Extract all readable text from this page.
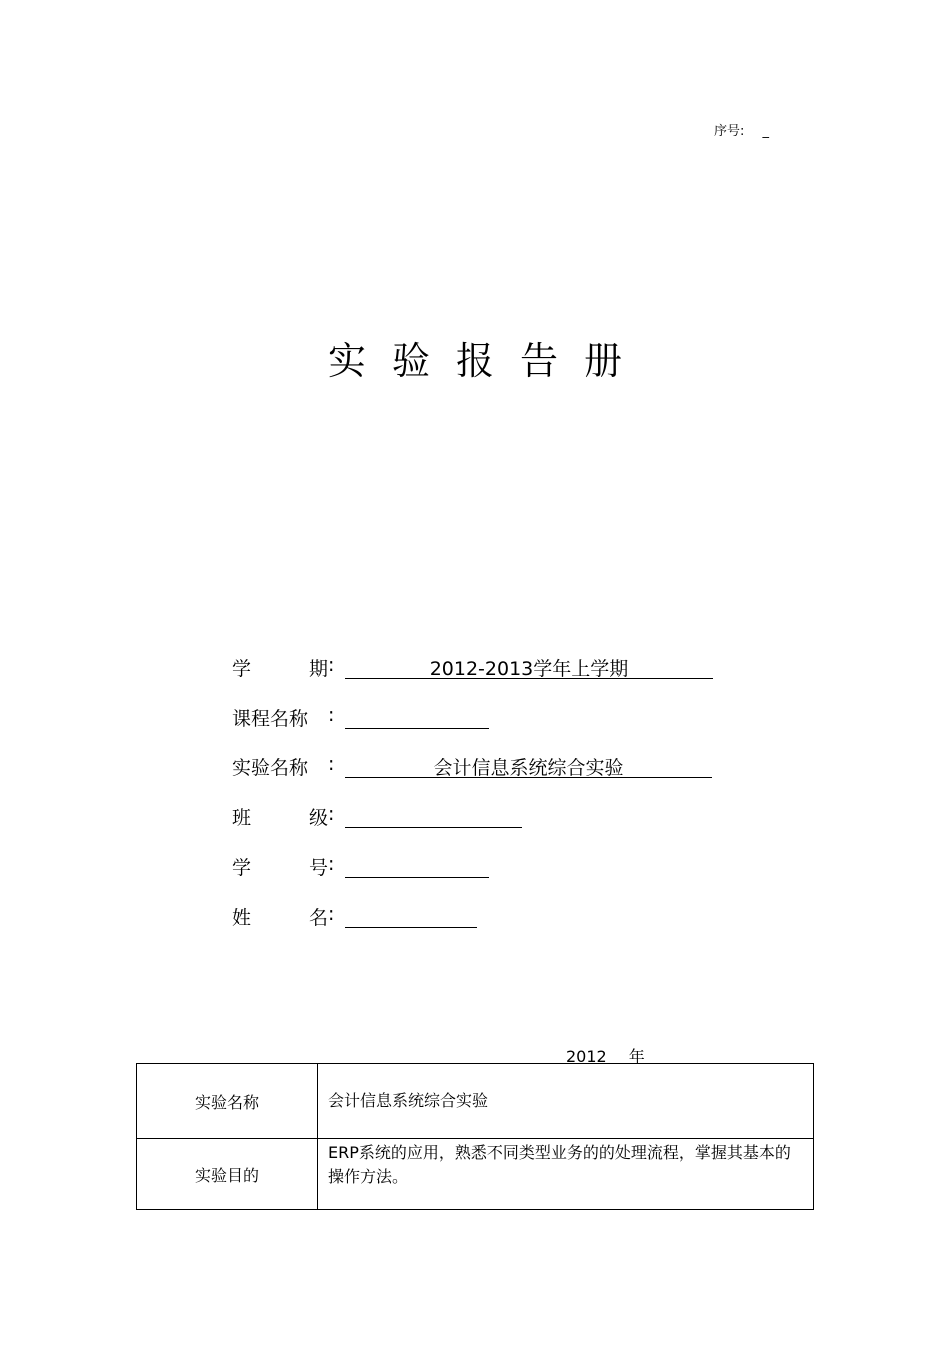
序号: _
实验报告册
学	期 :	2012-2013学年上学期
课程名称 :
实验名称 :	会计信息系统综合实验
班	级 :
学	号 :
姓	名 :
2012 年
实验名称	会计信息系统综合实验
实验目的	ERP系统的应用，熟悉不同类型业务的的处理流程，掌握其基本的操作方法。
